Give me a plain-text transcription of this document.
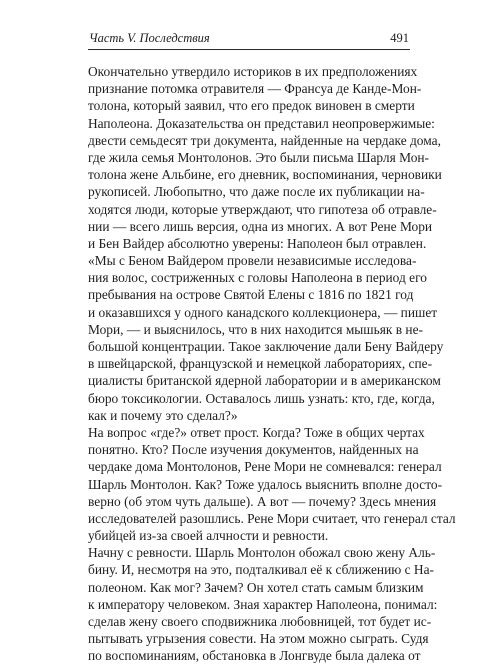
Часть V. Последствия	491
Окончательно утвердило историков в их предположениях
признание потомка отравителя — Франсуа де Канде-Мон-
толона, который заявил, что его предок виновен в смерти
Наполеона. Доказательства он представил неопровержимые:
двести семьдесят три документа, найденные на чердаке дома,
где жила семья Монтолонов. Это были письма Шарля Мон-
толона жене Альбине, его дневник, воспоминания, черновики
рукописей. Любопытно, что даже после их публикации на-
ходятся люди, которые утверждают, что гипотеза об отравле-
нии — всего лишь версия, одна из многих. А вот Рене Мори
и Бен Вайдер абсолютно уверены: Наполеон был отравлен.
«Мы с Беном Вайдером провели независимые исследова-
ния волос, состриженных с головы Наполеона в период его
пребывания на острове Святой Елены с 1816 по 1821 год
и оказавшихся у одного канадского коллекционера, — пишет
Мори, — и выяснилось, что в них находится мышьяк в не-
большой концентрации. Такое заключение дали Бену Вайдеру
в швейцарской, французской и немецкой лабораториях, спе-
циалисты британской ядерной лаборатории и в американском
бюро токсикологии. Оставалось лишь узнать: кто, где, когда,
как и почему это сделал?»
На вопрос «где?» ответ прост. Когда? Тоже в общих чертах
понятно. Кто? После изучения документов, найденных на
чердаке дома Монтолонов, Рене Мори не сомневался: генерал
Шарль Монтолон. Как? Тоже удалось выяснить вполне досто-
верно (об этом чуть дальше). А вот — почему? Здесь мнения
исследователей разошлись. Рене Мори считает, что генерал стал
убийцей из-за своей алчности и ревности.
Начну с ревности. Шарль Монтолон обожал свою жену Аль-
бину. И, несмотря на это, подталкивал её к сближению с На-
полеоном. Как мог? Зачем? Он хотел стать самым близким
к императору человеком. Зная характер Наполеона, понимал:
сделав жену своего сподвижника любовницей, тот будет ис-
пытывать угрызения совести. На этом можно сыграть. Судя
по воспоминаниям, обстановка в Лонгвуде была далека от
